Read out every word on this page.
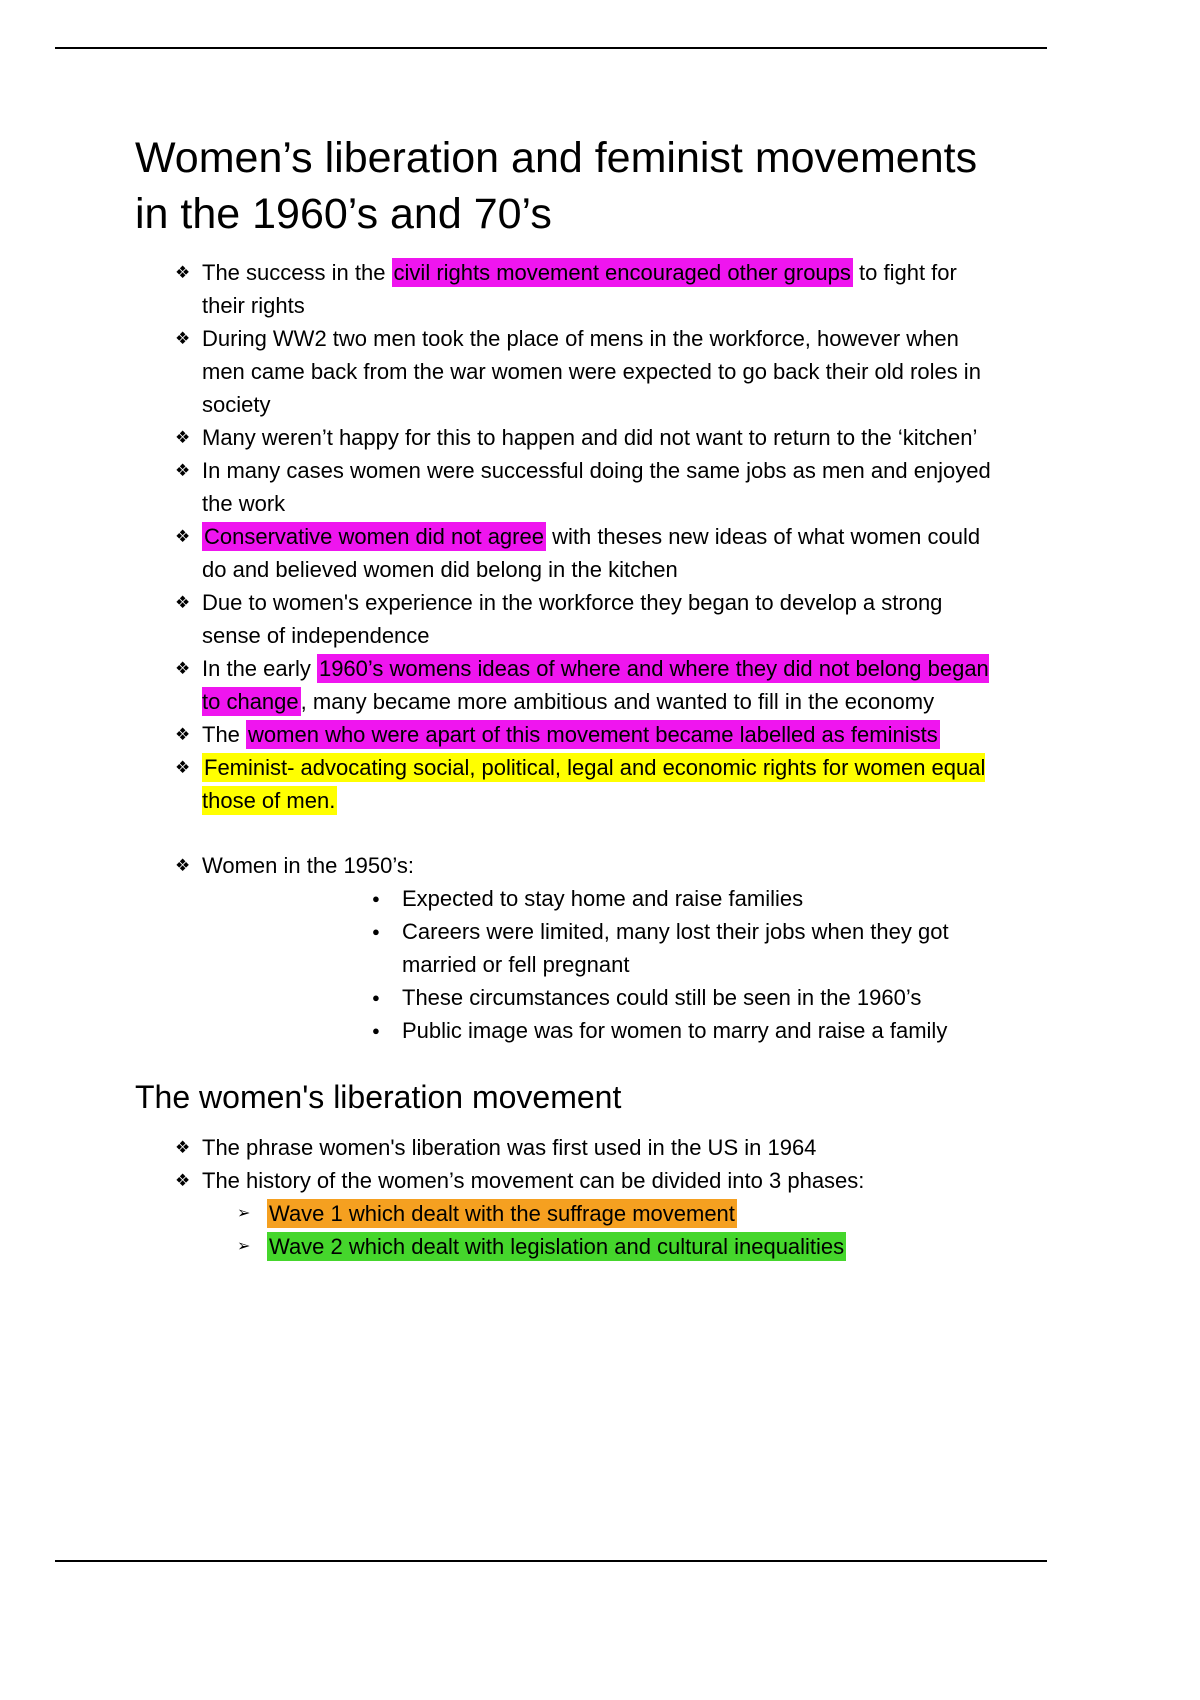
Women’s liberation and feminist movements in the 1960’s and 70’s
❖ The success in the civil rights movement encouraged other groups to fight for their rights
❖ During WW2 two men took the place of mens in the workforce, however when men came back from the war women were expected to go back their old roles in society
❖ Many weren’t happy for this to happen and did not want to return to the ‘kitchen’
❖ In many cases women were successful doing the same jobs as men and enjoyed the work
❖ Conservative women did not agree with theses new ideas of what women could do and believed women did belong in the kitchen
❖ Due to women's experience in the workforce they began to develop a strong sense of independence
❖ In the early 1960’s womens ideas of where and where they did not belong began to change, many became more ambitious and wanted to fill in the economy
❖ The women who were apart of this movement became labelled as feminists
❖ Feminist- advocating social, political, legal and economic rights for women equal those of men.
❖ Women in the 1950’s:
●	Expected to stay home and raise families
●	Careers were limited, many lost their jobs when they got married or fell pregnant
●	These circumstances could still be seen in the 1960’s
●	Public image was for women to marry and raise a family
The women's liberation movement
❖ The phrase women's liberation was first used in the US in 1964
❖ The history of the women’s movement can be divided into 3 phases:
➢ Wave 1 which dealt with the suffrage movement
➢ Wave 2 which dealt with legislation and cultural inequalities
